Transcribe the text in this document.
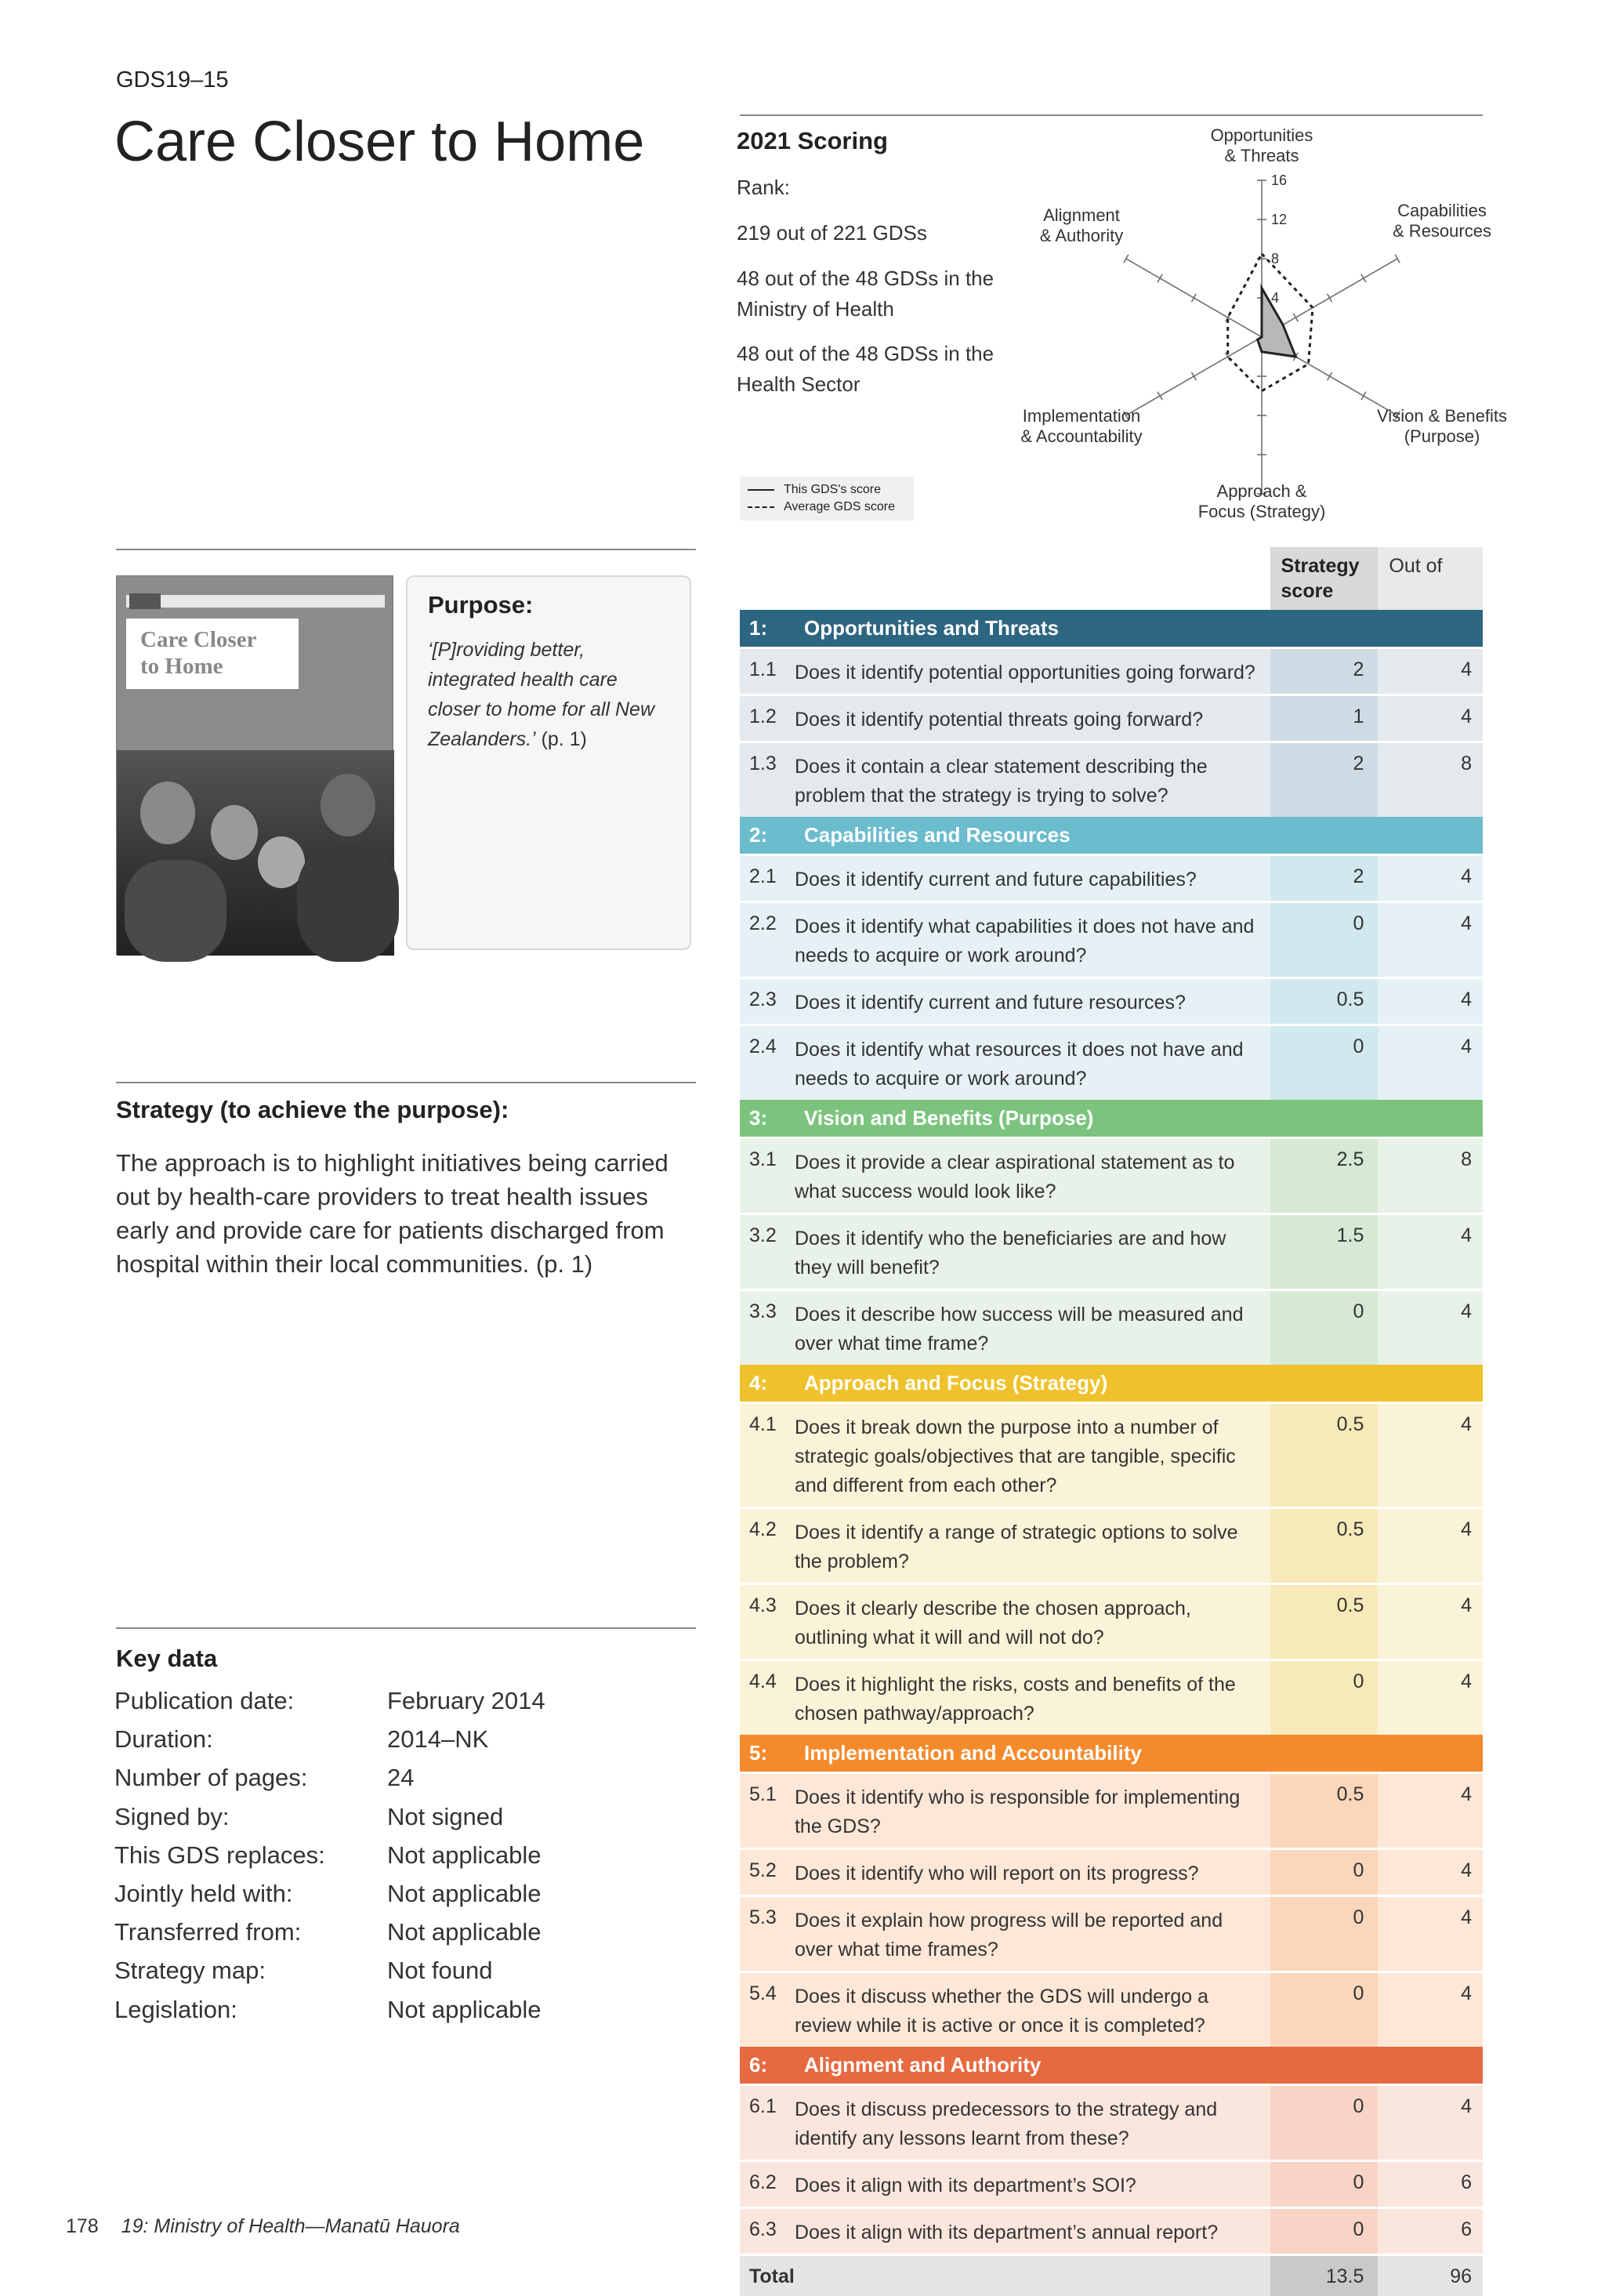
GDS19–15
Care Closer to Home	2021 Scoring
Rank:
219 out of 221 GDSs
48 out of the 48 GDSs in the Ministry of Health
48 out of the 48 GDSs in the Health Sector
4
8
12
16
Opportunities
& Threats
Capabilities
& Resources
Vision & Benefits
(Purpose)
Approach &
Focus (Strategy)
Implementation
& Accountability
Alignment
& Authority
This GDS's score
Average GDS score
Care Closer
to Home
Purpose:
‘[P]roviding better, integrated health care closer to home for all New Zealanders.’ (p. 1)
Strategy (to achieve the purpose):
The approach is to highlight initiatives being carried out by health-care providers to treat health issues early and provide care for patients discharged from hospital within their local communities. (p. 1)
Key data
Publication date:	February 2014
Duration:	2014–NK
Number of pages:	24
Signed by:	Not signed
This GDS replaces:	Not applicable
Jointly held with:	Not applicable
Transferred from:	Not applicable
Strategy map:	Not found
Legislation:	Not applicable
		Strategy score	Out of
1:	Opportunities and Threats		
1.1	Does it identify potential opportunities going forward?	2	4
1.2	Does it identify potential threats going forward?	1	4
1.3	Does it contain a clear statement describing the problem that the strategy is trying to solve?	2	8
2:	Capabilities and Resources		
2.1	Does it identify current and future capabilities?	2	4
2.2	Does it identify what capabilities it does not have and needs to acquire or work around?	0	4
2.3	Does it identify current and future resources?	0.5	4
2.4	Does it identify what resources it does not have and needs to acquire or work around?	0	4
3:	Vision and Benefits (Purpose)		
3.1	Does it provide a clear aspirational statement as to what success would look like?	2.5	8
3.2	Does it identify who the beneficiaries are and how they will benefit?	1.5	4
3.3	Does it describe how success will be measured and over what time frame?	0	4
4:	Approach and Focus (Strategy)		
4.1	Does it break down the purpose into a number of strategic goals/objectives that are tangible, specific and different from each other?	0.5	4
4.2	Does it identify a range of strategic options to solve the problem?	0.5	4
4.3	Does it clearly describe the chosen approach, outlining what it will and will not do?	0.5	4
4.4	Does it highlight the risks, costs and benefits of the chosen pathway/approach?	0	4
5:	Implementation and Accountability		
5.1	Does it identify who is responsible for implementing the GDS?	0.5	4
5.2	Does it identify who will report on its progress?	0	4
5.3	Does it explain how progress will be reported and over what time frames?	0	4
5.4	Does it discuss whether the GDS will undergo a review while it is active or once it is completed?	0	4
6:	Alignment and Authority		
6.1	Does it discuss predecessors to the strategy and identify any lessons learnt from these?	0	4
6.2	Does it align with its department’s SOI?	0	6
6.3	Does it align with its department’s annual report?	0	6
Total		13.5	96
178 19: Ministry of Health—Manatū Hauora
